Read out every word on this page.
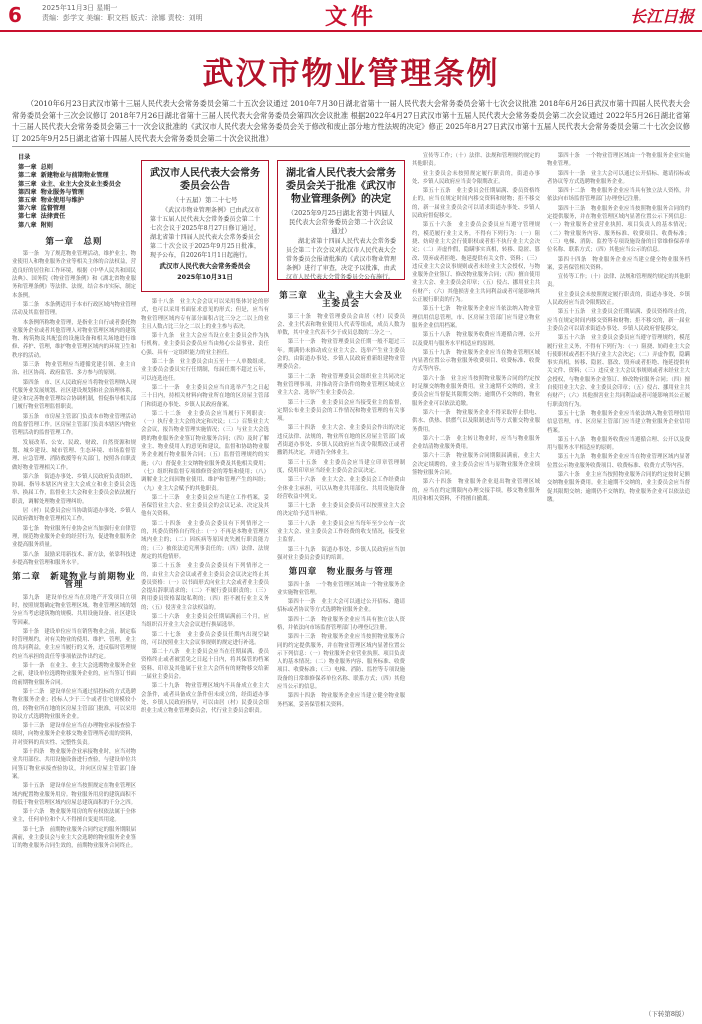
6	2025年11月3日 星期一
责编：彭学文 美编：职文档 版式：涂娜 责校：刘明	文件	长江日报
武汉市物业管理条例
（2010年6月23日武汉市第十三届人民代表大会常务委员会第二十五次会议通过 2010年7月30日湖北省第十一届人民代表大会常务委员会第十七次会议批准 2018年6月26日武汉市第十四届人民代表大会常务委员会第十三次会议修订 2018年7月26日湖北省第十三届人民代表大会常务委员会第四次会议批准 根据2022年4月27日武汉市第十五届人民代表大会常务委员会第二次会议通过 2022年5月26日湖北省第十三届人民代表大会常务委员会第三十一次会议批准的《武汉市人民代表大会常务委员会关于修改和废止部分地方性法规的决定》修正 2025年8月27日武汉市第十五届人民代表大会常务委员会第二十七次会议修订 2025年9月25日湖北省第十四届人民代表大会常务委员会第二十次会议批准）
目录
第一章 总则
第二章 新建物业与前期物业管理
第三章 业主、业主大会及业主委员会
第四章 物业服务与管理
第五章 物业使用与维护
第六章 监督管理
第七章 法律责任
第八章 附则
第一章　总则

第一条　为了规范物业管理活动，维护业主、物业使用人和物业服务企业等相关主体的合法权益，营造良好的居住和工作环境，根据《中华人民共和国民法典》、国务院《物业管理条例》和《湖北省物业服务和管理条例》等法律、法规，结合本市实际，制定本条例。

第二条　本条例适用于本市行政区域内物业管理活动及其监督管理。

本条例所称物业管理，是指业主自行或者委托物业服务企业或者其他管理人对物业管理区域内的建筑物、构筑物及其配套的设施设备和相关场地进行维修、养护、管理，维护物业管理区域内的环境卫生和秩序的活动。

第三条　物业管理应当遵循党建引领、业主自治、社区协商、政府监管、多方参与的原则。

第四条　市、区人民政府应当将物业管理纳入现代服务业发展规划、社区建设规划和社会治理体系，建立和完善物业管理综合协调机制，督促指导相关部门履行物业管理监督职责。

第五条　市房屋主管部门负责本市物业管理活动的监督管理工作。区房屋主管部门负责本辖区内物业管理活动的监督管理工作。

发展改革、公安、民政、财政、自然资源和规划、城乡建设、城市管理、生态环境、市场监督管理、应急管理、消防救援等有关部门，按照各自职责做好物业管理相关工作。

第六条　街道办事处、乡镇人民政府负责组织、协调、指导本辖区内业主大会成立和业主委员会选举、换届工作，监督业主大会和业主委员会依法履行职责，调解处理物业管理纠纷。

居（村）民委员会应当协助街道办事处、乡镇人民政府做好物业管理相关工作。

第七条　物业服务行业协会应当加强行业自律管理，规范物业服务企业的经营行为，促进物业服务企业提高服务质量。

第八条　鼓励采用新技术、新方法，依靠科技进步提高物业管理和服务水平。

第二章　新建物业与前期物业管理

第九条　建设单位应当在房地产开发项目立项时，按照规划确定物业管理区域。物业管理区域的划分应当考虑建筑物的规模、共用设施设备、社区建设等因素。

第十条　建设单位应当在销售物业之前，制定临时管理规约，对有关物业的使用、维护、管理，业主的共同利益，业主应当履行的义务，违反临时管理规约应当承担的责任等事项依法作出约定。

第十一条　在业主、业主大会选聘物业服务企业之前，建设单位选聘物业服务企业的，应当签订书面的前期物业服务合同。

第十二条　建设单位应当通过招投标的方式选聘物业服务企业；投标人少于三个或者住宅规模较小的，经物业所在地的区房屋主管部门批准，可以采用协议方式选聘物业服务企业。

第十三条　建设单位应当在办理物业承接查验手续时，向物业服务企业移交物业管理所必需的资料，并对资料的真实性、完整性负责。

第十四条　物业服务企业承接物业时，应当对物业共用部位、共用设施设备进行查验，与建设单位共同签订物业承接查验协议，并向区房屋主管部门备案。

第十五条　建设单位应当按照规定在物业管理区域内配置物业服务用房。物业服务用房的建筑面积不得低于物业管理区域内房屋总建筑面积的千分之四。

第十六条　物业服务用房的所有权依法属于全体业主，任何单位和个人不得擅自变更其用途。

第十七条　前期物业服务合同约定的服务期限届满前，业主委员会与业主大会选聘的物业服务企业签订的物业服务合同生效的，前期物业服务合同终止。

武汉市人民代表大会常务委员会公告
（十五届）第二十七号
《武汉市物业管理条例》已由武汉市第十五届人民代表大会常务委员会第二十七次会议于2025年8月27日修订通过，湖北省第十四届人民代表大会常务委员会第二十次会议于2025年9月25日批准，现予公布，自2026年1月1日起施行。
武汉市人民代表大会常务委员会
2025年10月31日
湖北省人民代表大会常务委员会关于批准《武汉市物业管理条例》的决定
（2025年9月25日湖北省第十四届人民代表大会常务委员会第二十次会议通过）
湖北省第十四届人民代表大会常务委员会第二十次会议对武汉市人民代表大会常务委员会报请批准的《武汉市物业管理条例》进行了审查，决定予以批准，由武汉市人民代表大会常务委员会公布施行。

第十八条　业主大会会议可以采用集体讨论的形式，也可以采用书面征求意见的形式；但是，应当有物业管理区域内专有部分面积占比三分之二以上的业主且人数占比三分之二以上的业主参与表决。

第十九条　业主大会应当设立业主委员会作为执行机构。业主委员会委员应当由热心公益事业、责任心强、具有一定组织能力的业主担任。

第二十条　业主委员会由五至十一人单数组成。业主委员会委员实行任期制，每届任期不超过五年，可以连选连任。

第二十一条　业主委员会应当自选举产生之日起三十日内，持相关材料向物业所在地的区房屋主管部门和街道办事处、乡镇人民政府备案。

第二十二条　业主委员会应当履行下列职责：（一）执行业主大会的决定和决议；（二）召集业主大会会议，报告物业管理实施情况；（三）与业主大会选聘的物业服务企业签订物业服务合同；（四）及时了解业主、物业使用人的意见和建议，监督和协助物业服务企业履行物业服务合同；（五）监督管理规约的实施；（六）督促业主交纳物业服务费及其他相关费用；（七）组织和监督专项维修资金的筹集和使用；（八）调解业主之间因物业使用、维护和管理产生的纠纷；（九）业主大会赋予的其他职责。

第二十三条　业主委员会应当建立工作档案，妥善保管业主大会、业主委员会的会议记录、决定及其他有关资料。

第二十四条　业主委员会委员有下列情形之一的，其委员资格自行终止：（一）不再是本物业管理区域内业主的；（二）因疾病等原因丧失履行职责能力的；（三）被依法追究刑事责任的；（四）法律、法规规定的其他情形。

第二十五条　业主委员会委员有下列情形之一的，由业主大会会议或者业主委员会会议决定终止其委员资格：（一）以书面形式向业主大会或者业主委员会提出辞职请求的；（二）不履行委员职责的；（三）利用委员资格谋取私利的；（四）拒不履行业主义务的；（五）侵害业主合法权益的。

第二十六条　业主委员会任期届满前三个月，应当组织召开业主大会会议进行换届选举。

第二十七条　业主委员会委员任期内出现空缺的，可以按照业主大会议事规则的规定进行补选。

第二十八条　业主委员会应当在任期届满、委员资格终止或者被罢免之日起十日内，将其保管的档案资料、印章及其他属于业主大会所有的财物移交给新一届业主委员会。

第二十九条　物业管理区域内不具备成立业主大会条件，或者具备成立条件但未成立的，经街道办事处、乡镇人民政府指导，可以由居（村）民委员会组织业主成立物业管理委员会，代行业主委员会职责。

第三章　业主、业主大会及业主委员会

第三十条　物业管理委员会由居（村）民委员会、业主代表和物业使用人代表等组成，成员人数为单数，其中业主代表不少于成员总数的二分之一。

第三十一条　物业管理委员会任期一般不超过三年。期满仍未推动成立业主大会、选举产生业主委员会的，由街道办事处、乡镇人民政府重新组建物业管理委员会。

第三十二条　物业管理委员会组织业主共同决定物业管理事项，并推动符合条件的物业管理区域成立业主大会、选举产生业主委员会。

第三十三条　业主委员会应当接受业主的监督，定期公布业主委员会的工作情况和物业管理的有关事项。

第三十四条　业主大会、业主委员会作出的决定违反法律、法规的，物业所在地的区房屋主管部门或者街道办事处、乡镇人民政府应当责令限期改正或者撤销其决定，并通告全体业主。

第三十五条　业主委员会应当建立印章管理制度，使用印章应当经业主委员会会议决定。

第三十六条　业主大会、业主委员会工作经费由全体业主承担，可以从物业共用部位、共用设施设备经营收益中列支。

第三十七条　业主委员会委员可以按照业主大会的决定给予适当补贴。

第三十八条　业主委员会应当每年至少公布一次业主大会、业主委员会工作经费的收支情况，接受业主监督。

第三十九条　街道办事处、乡镇人民政府应当加强对业主委员会委员的培训。

第四章　物业服务与管理

第四十条　一个物业管理区域由一个物业服务企业实施物业管理。

第四十一条　业主大会可以通过公开招标、邀请招标或者协议等方式选聘物业服务企业。

第四十二条　物业服务企业应当具有独立法人资格，并依法向市场监督管理部门办理登记注册。

第四十三条　物业服务企业应当按照物业服务合同的约定提供服务，并在物业管理区域内显著位置公示下列信息：（一）物业服务企业营业执照、项目负责人的基本情况；（二）物业服务内容、服务标准、收费项目、收费标准；（三）电梯、消防、监控等专项设施设备的日常维修保养单位名称、联系方式；（四）其他应当公示的信息。

第四十四条　物业服务企业应当建立健全物业服务档案，妥善保管相关资料。

宣传等工作；（十）法律、法规和管理规约规定的其他职责。

业主委员会未按照规定履行职责的，街道办事处、乡镇人民政府应当责令限期改正。

第五十五条　业主委员会任期届满、委员资格终止的，应当在规定时间内移交资料和财物；拒不移交的，新一届业主委员会可以请求街道办事处、乡镇人民政府督促移交。

第五十六条　业主委员会委员应当遵守管理规约，模范履行业主义务，不得有下列行为：（一）阻挠、妨碍业主大会行使职权或者拒不执行业主大会决定；（二）弄虚作假，隐瞒事实真相，转移、隐匿、篡改、毁弃或者拒绝、拖延提供有关文件、资料；（三）违反业主大会议事规则或者未经业主大会授权，与物业服务企业签订、修改物业服务合同；（四）擅自使用业主大会、业主委员会印章；（五）侵占、挪用业主共有财产；（六）其他损害业主共同利益或者可能影响其公正履行职责的行为。

第五十七条　物业服务企业应当依法纳入物业管理信用信息管理，市、区房屋主管部门应当建立物业服务企业信用档案。

第五十八条　物业服务收费应当遵循合理、公开以及费用与服务水平相适应的原则。

第五十九条　物业服务企业应当在物业管理区域内显著位置公示物业服务收费项目、收费标准、收费方式等内容。

第六十条　业主应当按照物业服务合同的约定按时足额交纳物业服务费用。业主逾期不交纳的，业主委员会应当督促其限期交纳；逾期仍不交纳的，物业服务企业可以依法追缴。

第六十一条　物业服务企业不得采取停止供电、供水、供热、供燃气以及限制进出等方式催交物业服务费用。

第六十二条　业主转让物业时，应当与物业服务企业结清物业服务费用。

第六十三条　物业服务合同期限届满前，业主大会决定续聘的，业主委员会应当与原物业服务企业续签物业服务合同。

第六十四条　物业服务企业退出物业管理区域的，应当在约定期限内办理交接手续，移交物业服务用房和相关资料，不得擅自撤离。

第四十条　一个物业管理区域由一个物业服务企业实施物业管理。

第四十一条　业主大会可以通过公开招标、邀请招标或者协议等方式选聘物业服务企业。

第四十二条　物业服务企业应当具有独立法人资格，并依法向市场监督管理部门办理登记注册。

第四十三条　物业服务企业应当按照物业服务合同的约定提供服务，并在物业管理区域内显著位置公示下列信息：（一）物业服务企业营业执照、项目负责人的基本情况；（二）物业服务内容、服务标准、收费项目、收费标准；（三）电梯、消防、监控等专项设施设备的日常维修保养单位名称、联系方式；（四）其他应当公示的信息。

第四十四条　物业服务企业应当建立健全物业服务档案，妥善保管相关资料。

宣传等工作；（十）法律、法规和管理规约规定的其他职责。

业主委员会未按照规定履行职责的，街道办事处、乡镇人民政府应当责令限期改正。

第五十五条　业主委员会任期届满、委员资格终止的，应当在规定时间内移交资料和财物；拒不移交的，新一届业主委员会可以请求街道办事处、乡镇人民政府督促移交。

第五十六条　业主委员会委员应当遵守管理规约，模范履行业主义务，不得有下列行为：（一）阻挠、妨碍业主大会行使职权或者拒不执行业主大会决定；（二）弄虚作假，隐瞒事实真相，转移、隐匿、篡改、毁弃或者拒绝、拖延提供有关文件、资料；（三）违反业主大会议事规则或者未经业主大会授权，与物业服务企业签订、修改物业服务合同；（四）擅自使用业主大会、业主委员会印章；（五）侵占、挪用业主共有财产；（六）其他损害业主共同利益或者可能影响其公正履行职责的行为。

第五十七条　物业服务企业应当依法纳入物业管理信用信息管理，市、区房屋主管部门应当建立物业服务企业信用档案。

第五十八条　物业服务收费应当遵循合理、公开以及费用与服务水平相适应的原则。

第五十九条　物业服务企业应当在物业管理区域内显著位置公示物业服务收费项目、收费标准、收费方式等内容。

第六十条　业主应当按照物业服务合同的约定按时足额交纳物业服务费用。业主逾期不交纳的，业主委员会应当督促其限期交纳；逾期仍不交纳的，物业服务企业可以依法追缴。

（下转第8版）
